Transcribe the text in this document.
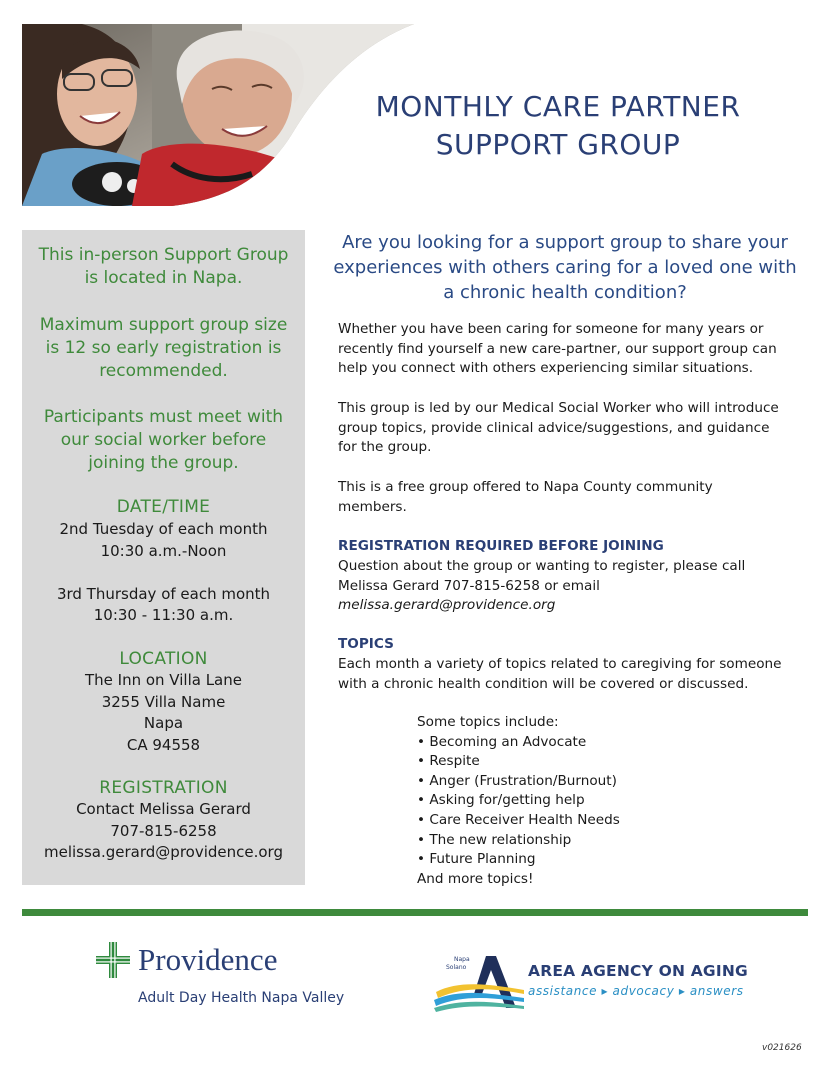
MONTHLY CARE PARTNER
SUPPORT GROUP
This in-person Support Group
is located in Napa.
Maximum support group size
is 12 so early registration is
recommended.
Participants must meet with
our social worker before
joining the group.
DATE/TIME
2nd Tuesday of each month
10:30 a.m.-Noon
3rd Thursday of each month
10:30 - 11:30 a.m.
LOCATION
The Inn on Villa Lane
3255 Villa Name
Napa
CA 94558
REGISTRATION
Contact Melissa Gerard
707-815-6258
melissa.gerard@providence.org
Are you looking for a support group to share your
experiences with others caring for a loved one with
a chronic health condition?
Whether you have been caring for someone for many years or
recently find yourself a new care-partner, our support group can
help you connect with others experiencing similar situations.
This group is led by our Medical Social Worker who will introduce
group topics, provide clinical advice/suggestions, and guidance
for the group.
This is a free group offered to Napa County community
members.
REGISTRATION REQUIRED BEFORE JOINING
Question about the group or wanting to register, please call
Melissa Gerard 707-815-6258 or email
melissa.gerard@providence.org
TOPICS
Each month a variety of topics related to caregiving for someone
with a chronic health condition will be covered or discussed.
Some topics include:
• Becoming an Advocate
• Respite
• Anger (Frustration/Burnout)
• Asking for/getting help
• Care Receiver Health Needs
• The new relationship
• Future Planning
And more topics!
Providence
Adult Day Health Napa Valley
Napa
Solano	AREA AGENCY ON AGING
assistance ▸ advocacy ▸ answers
v021626
